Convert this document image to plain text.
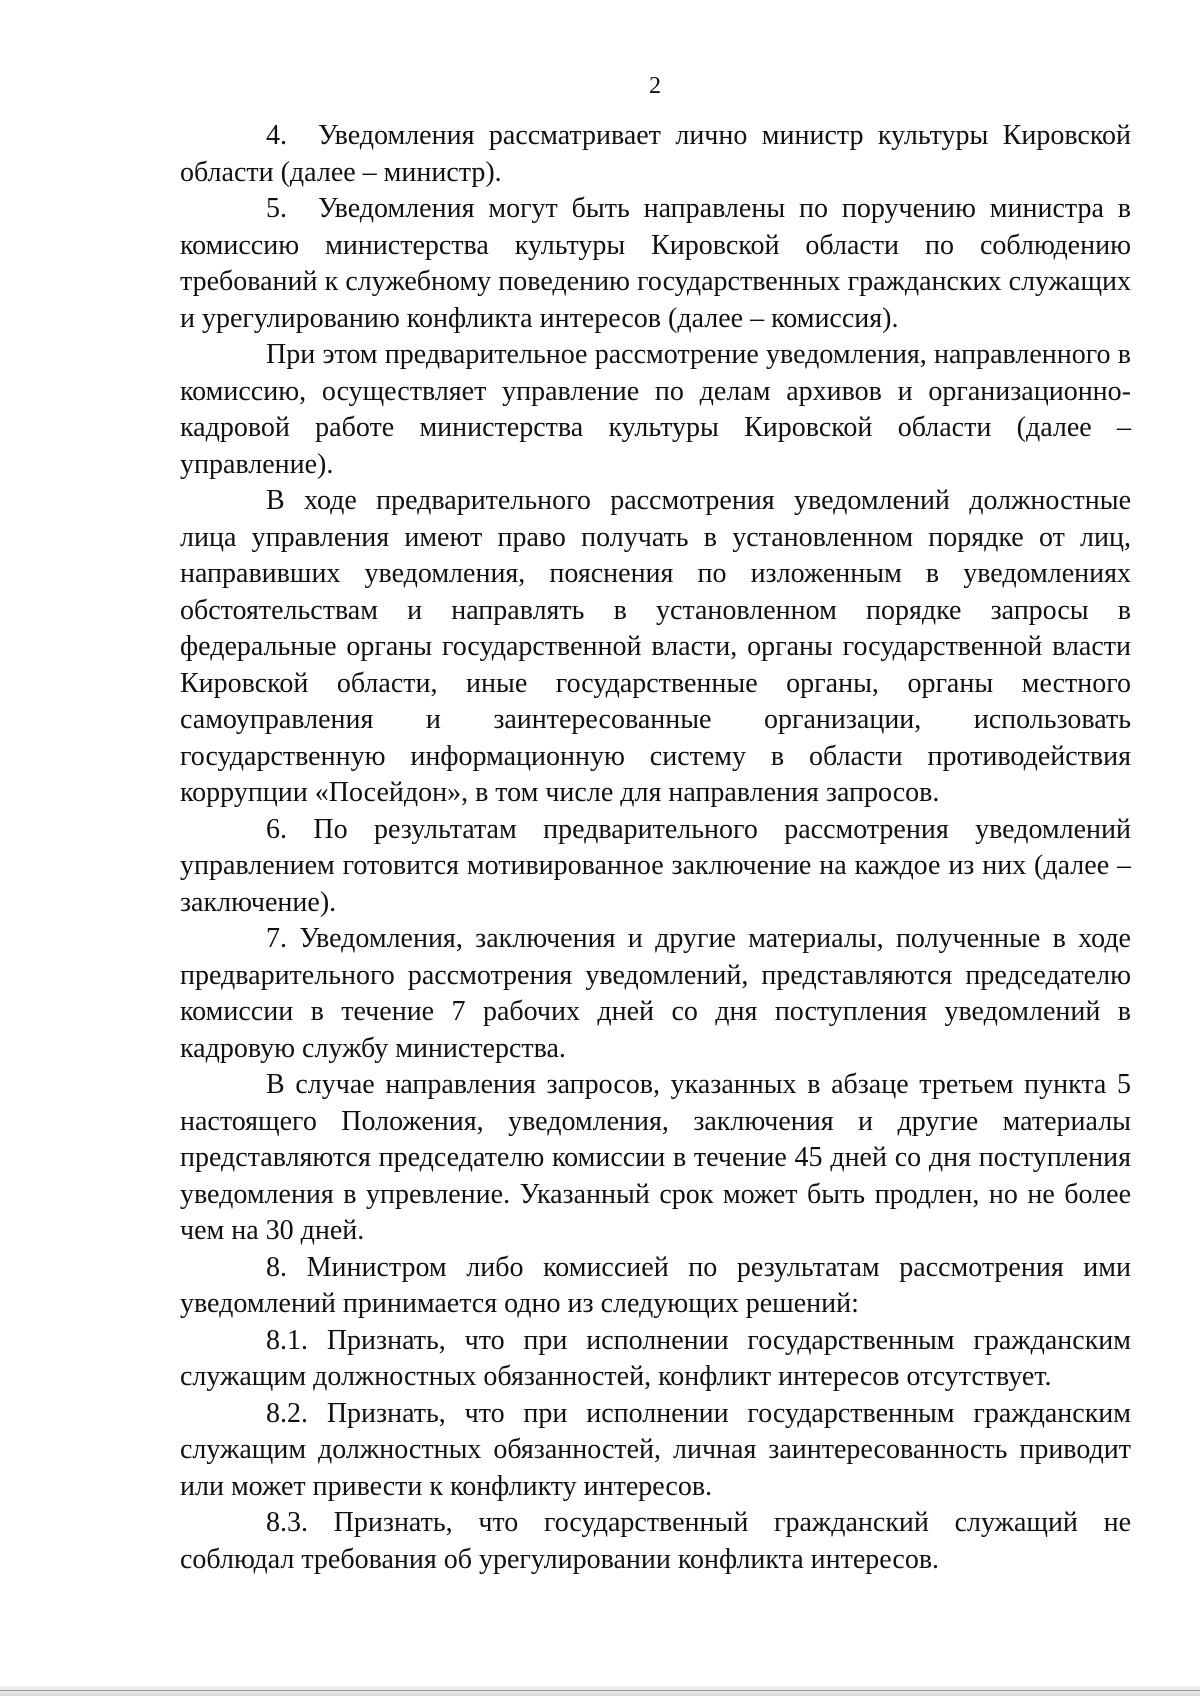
2

4. Уведомления рассматривает лично министр культуры Кировской области (далее – министр).

5. Уведомления могут быть направлены по поручению министра в комиссию министерства культуры Кировской области по соблюдению требований к служебному поведению государственных гражданских служащих и урегулированию конфликта интересов (далее – комиссия).

При этом предварительное рассмотрение уведомления, направленного в комиссию, осуществляет управление по делам архивов и организационно-кадровой работе министерства культуры Кировской области (далее – управление).

В ходе предварительного рассмотрения уведомлений должностные лица управления имеют право получать в установленном порядке от лиц, направивших уведомления, пояснения по изложенным в уведомлениях обстоятельствам и направлять в установленном порядке запросы в федеральные органы государственной власти, органы государственной власти Кировской области, иные государственные органы, органы местного самоуправления и заинтересованные организации, использовать государственную информационную систему в области противодействия коррупции «Посейдон», в том числе для направления запросов.

6. По результатам предварительного рассмотрения уведомлений управлением готовится мотивированное заключение на каждое из них (далее – заключение).

7. Уведомления, заключения и другие материалы, полученные в ходе предварительного рассмотрения уведомлений, представляются председателю комиссии в течение 7 рабочих дней со дня поступления уведомлений в кадровую службу министерства.

В случае направления запросов, указанных в абзаце третьем пункта 5 настоящего Положения, уведомления, заключения и другие материалы представляются председателю комиссии в течение 45 дней со дня поступления уведомления в упревление. Указанный срок может быть продлен, но не более чем на 30 дней.

8. Министром либо комиссией по результатам рассмотрения ими уведомлений принимается одно из следующих решений:

8.1. Признать, что при исполнении государственным гражданским служащим должностных обязанностей, конфликт интересов отсутствует.

8.2. Признать, что при исполнении государственным гражданским служащим должностных обязанностей, личная заинтересованность приводит или может привести к конфликту интересов.

8.3. Признать, что государственный гражданский служащий не соблюдал требования об урегулировании конфликта интересов.
